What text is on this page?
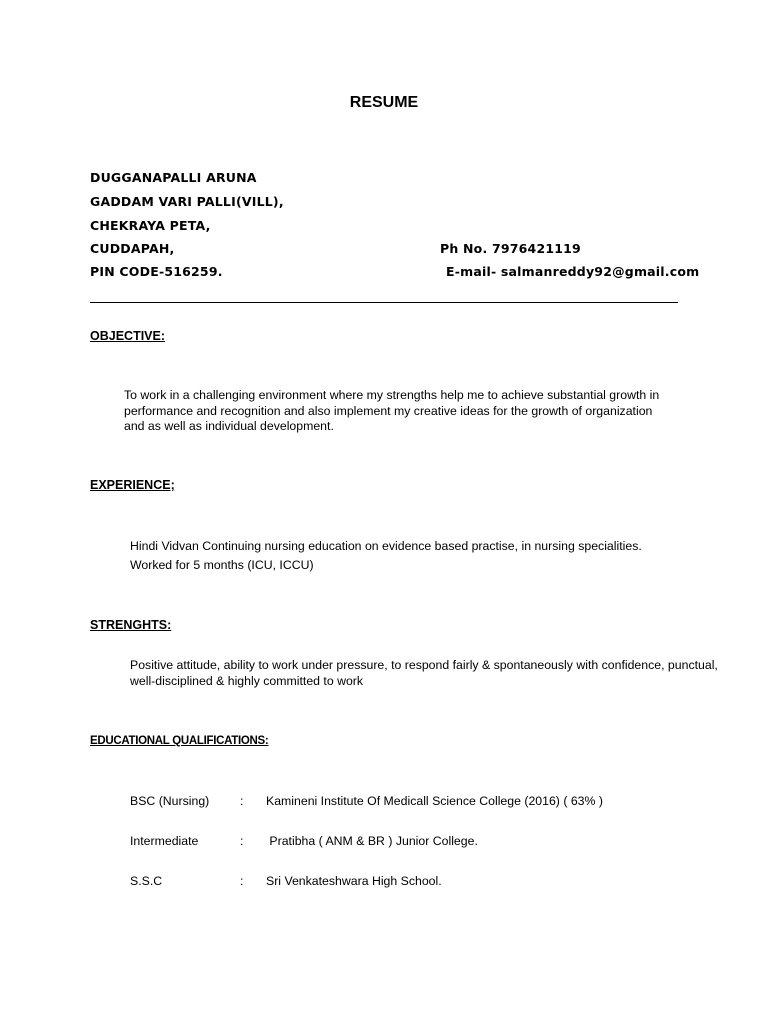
RESUME
DUGGANAPALLI ARUNA
GADDAM VARI PALLI(VILL),
CHEKRAYA PETA,
CUDDAPAH,	Ph No. 7976421119
PIN CODE-516259.	E-mail- salmanreddy92@gmail.com
OBJECTIVE:
To work in a challenging environment where my strengths help me to achieve substantial growth in performance and recognition and also implement my creative ideas for the growth of organization and as well as individual development.
EXPERIENCE;
Hindi Vidvan Continuing nursing education on evidence based practise, in nursing specialities.
Worked for 5 months (ICU, ICCU)
STRENGHTS:
Positive attitude, ability to work under pressure, to respond fairly & spontaneously with confidence, punctual, well-disciplined & highly committed to work
EDUCATIONAL QUALIFICATIONS:
BSC (Nursing) : Kamineni Institute Of Medicall Science College (2016) ( 63% )
Intermediate	: Pratibha ( ANM & BR ) Junior College.
S.S.C	: Sri Venkateshwara High School.
